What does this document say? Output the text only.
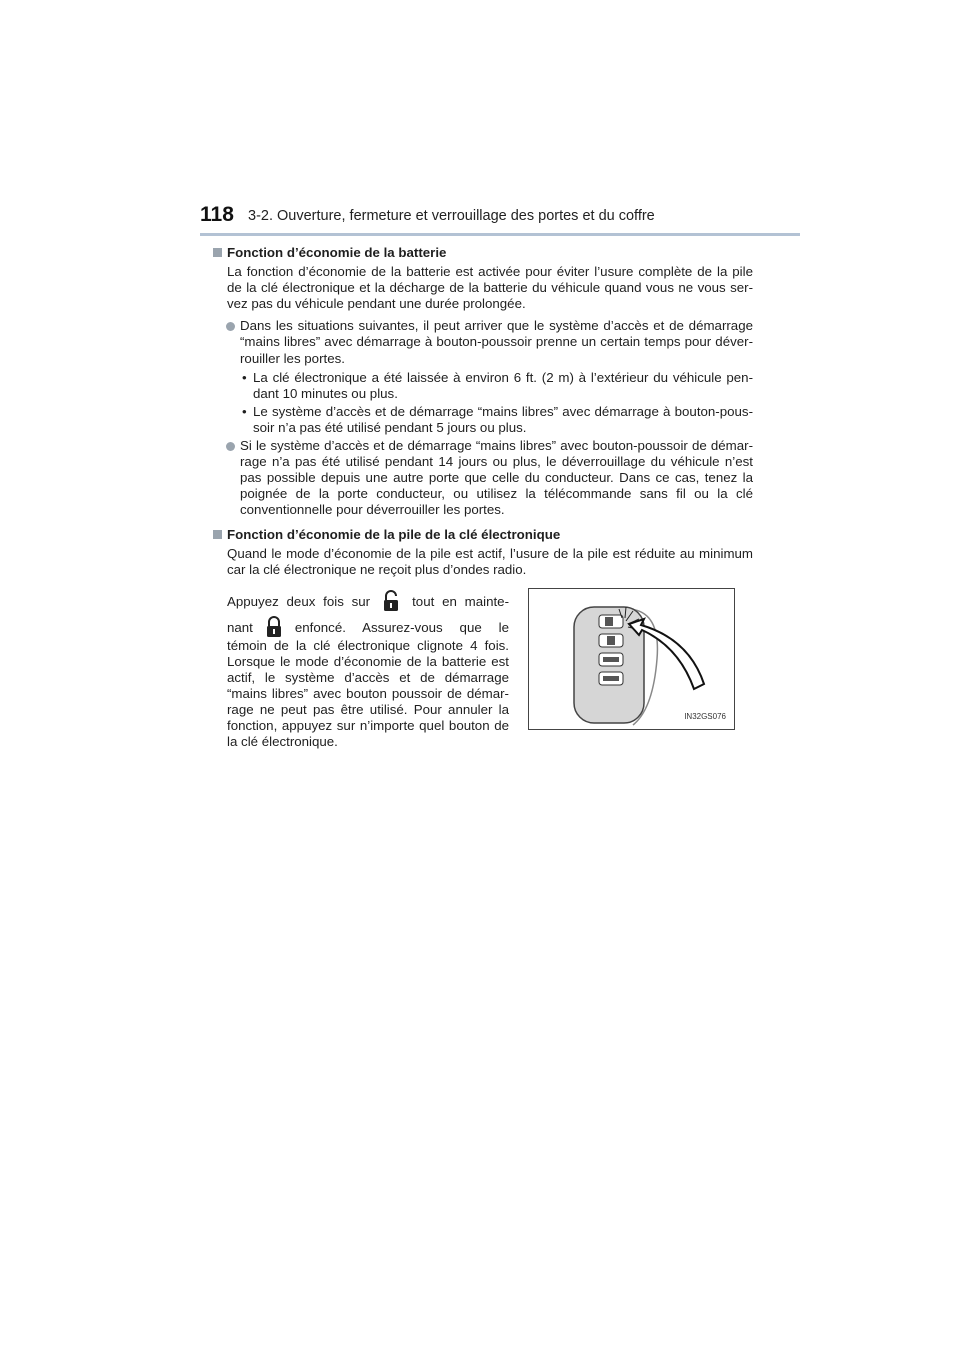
118 3-2. Ouverture, fermeture et verrouillage des portes et du coffre
Fonction d’économie de la batterie

La fonction d’économie de la batterie est activée pour éviter l’usure complète de la pile de la clé électronique et la décharge de la batterie du véhicule quand vous ne vous ser-vez pas du véhicule pendant une durée prolongée.

Dans les situations suivantes, il peut arriver que le système d’accès et de démarrage “mains libres” avec démarrage à bouton-poussoir prenne un certain temps pour déver-rouiller les portes.
• La clé électronique a été laissée à environ 6 ft. (2 m) à l’extérieur du véhicule pen-dant 10 minutes ou plus.
• Le système d’accès et de démarrage “mains libres” avec démarrage à bouton-pous-soir n’a pas été utilisé pendant 5 jours ou plus.
Si le système d’accès et de démarrage “mains libres” avec bouton-poussoir de démar-rage n’a pas été utilisé pendant 14 jours ou plus, le déverrouillage du véhicule n’est pas possible depuis une autre porte que celle du conducteur. Dans ce cas, tenez la poignée de la porte conducteur, ou utilisez la télécommande sans fil ou la clé conventionnelle pour déverrouiller les portes.
Fonction d’économie de la pile de la clé électronique

Quand le mode d’économie de la pile est actif, l’usure de la pile est réduite au minimum car la clé électronique ne reçoit plus d’ondes radio.

Appuyez deux fois sur	tout en mainte-
nant	enfoncé. Assurez-vous que le
témoin de la clé électronique clignote 4 fois. Lorsque le mode d’économie de la batterie est actif, le système d’accès et de démarrage “mains libres” avec bouton poussoir de démar-rage ne peut pas être utilisé. Pour annuler la fonction, appuyez sur n’importe quel bouton de la clé électronique.
IN32GS076
